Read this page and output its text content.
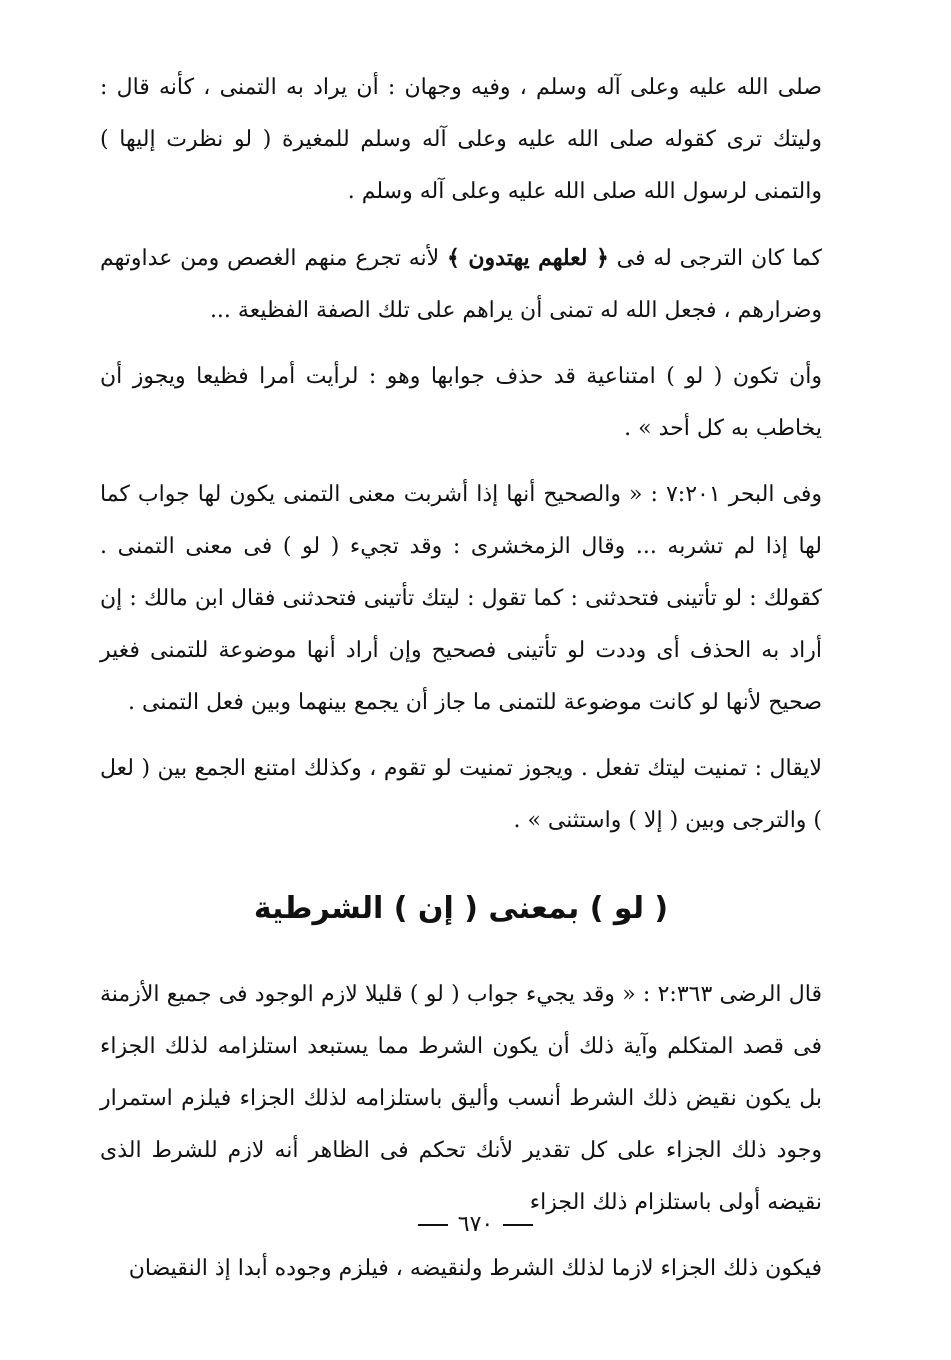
صلى الله عليه وعلى آله وسلم ، وفيه وجهان : أن يراد به التمنى ، كأنه قال : وليتك ترى كقوله صلى الله عليه وعلى آله وسلم للمغيرة ( لو نظرت إليها ) والتمنى لرسول الله صلى الله عليه وعلى آله وسلم .

كما كان الترجى له فى ﴿ لعلهم يهتدون ﴾ لأنه تجرع منهم الغصص ومن عداوتهم وضرارهم ، فجعل الله له تمنى أن يراهم على تلك الصفة الفظيعة ...

وأن تكون ( لو ) امتناعية قد حذف جوابها وهو : لرأيت أمرا فظيعا ويجوز أن يخاطب به كل أحد » .

وفى البحر ٧:٢٠١ : « والصحيح أنها إذا أشربت معنى التمنى يكون لها جواب كما لها إذا لم تشربه ... وقال الزمخشرى : وقد تجيء ( لو ) فى معنى التمنى . كقولك : لو تأتينى فتحدثنى : كما تقول : ليتك تأتينى فتحدثنى فقال ابن مالك : إن أراد به الحذف أى وددت لو تأتينى فصحيح وإن أراد أنها موضوعة للتمنى فغير صحيح لأنها لو كانت موضوعة للتمنى ما جاز أن يجمع بينهما وبين فعل التمنى .

لايقال : تمنيت ليتك تفعل . ويجوز تمنيت لو تقوم ، وكذلك امتنع الجمع بين ( لعل ) والترجى وبين ( إلا ) واستثنى » .

( لو ) بمعنى ( إن ) الشرطية

قال الرضى ٢:٣٦٣ : « وقد يجيء جواب ( لو ) قليلا لازم الوجود فى جميع الأزمنة فى قصد المتكلم وآية ذلك أن يكون الشرط مما يستبعد استلزامه لذلك الجزاء بل يكون نقيض ذلك الشرط أنسب وأليق باستلزامه لذلك الجزاء فيلزم استمرار وجود ذلك الجزاء على كل تقدير لأنك تحكم فى الظاهر أنه لازم للشرط الذى نقيضه أولى باستلزام ذلك الجزاء

فيكون ذلك الجزاء لازما لذلك الشرط ولنقيضه ، فيلزم وجوده أبدا إذ النقيضان

٦٧٠
